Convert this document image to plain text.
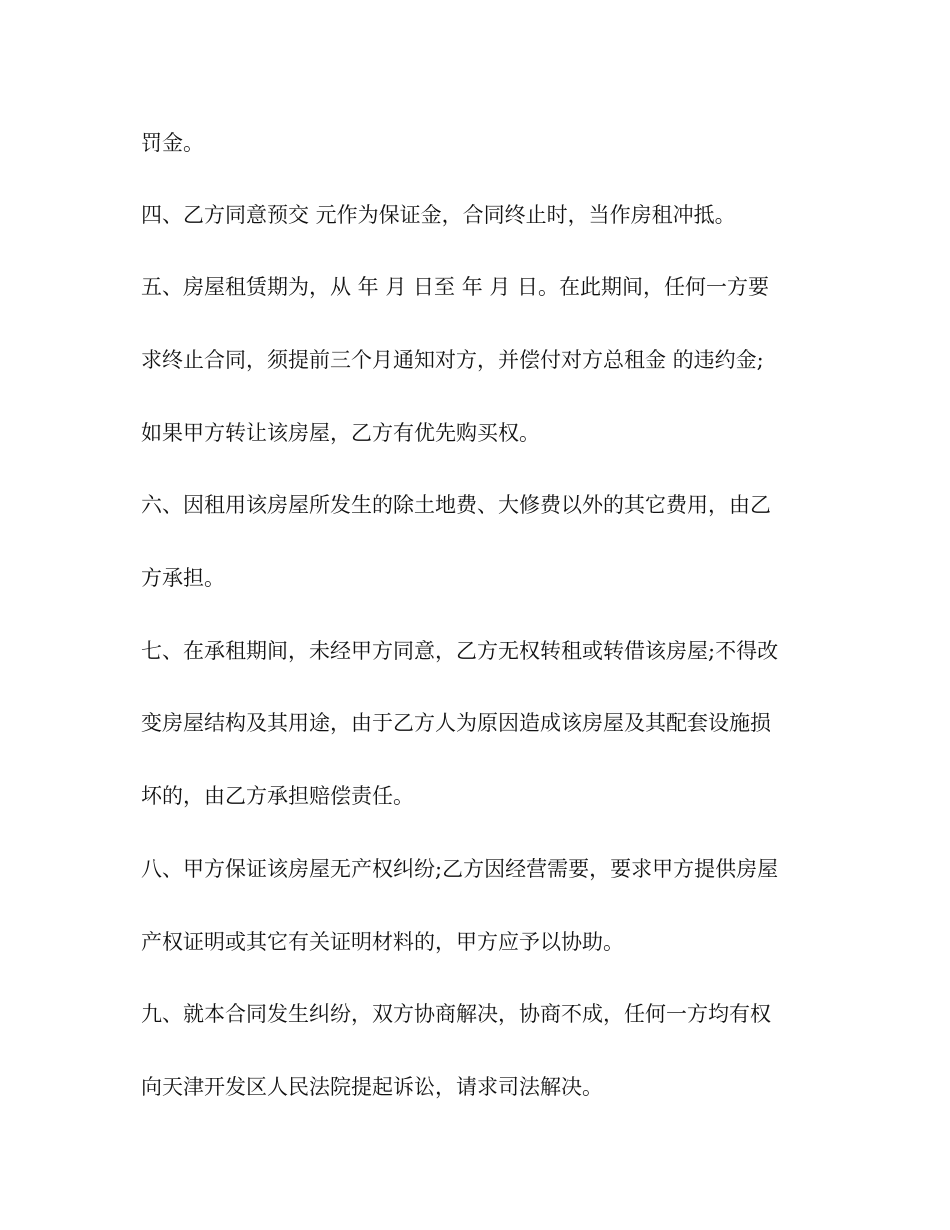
罚金。
四、乙方同意预交 元作为保证金，合同终止时，当作房租冲抵。
五、房屋租赁期为，从 年 月 日至 年 月 日。在此期间，任何一方要
求终止合同，须提前三个月通知对方，并偿付对方总租金 的违约金;
如果甲方转让该房屋，乙方有优先购买权。
六、因租用该房屋所发生的除土地费、大修费以外的其它费用，由乙
方承担。
七、在承租期间，未经甲方同意，乙方无权转租或转借该房屋;不得改
变房屋结构及其用途，由于乙方人为原因造成该房屋及其配套设施损
坏的，由乙方承担赔偿责任。
八、甲方保证该房屋无产权纠纷;乙方因经营需要，要求甲方提供房屋
产权证明或其它有关证明材料的，甲方应予以协助。
九、就本合同发生纠纷，双方协商解决，协商不成，任何一方均有权
向天津开发区人民法院提起诉讼，请求司法解决。
